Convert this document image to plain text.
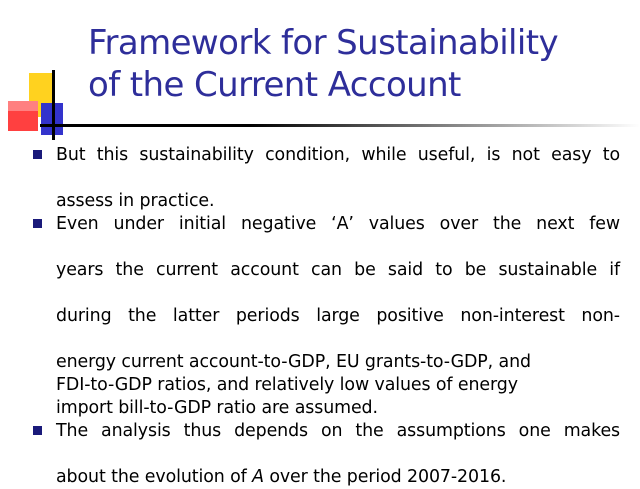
Framework for Sustainability
of the Current Account
But this sustainability condition, while useful, is not easy to
assess in practice.
Even under initial negative ‘A’ values over the next few
years the current account can be said to be sustainable if
during the latter periods large positive non-interest non-
energy current account-to-GDP, EU grants-to-GDP, and
FDI-to-GDP ratios, and relatively low values of energy
import bill-to-GDP ratio are assumed.
The analysis thus depends on the assumptions one makes
about the evolution of A over the period 2007-2016.
